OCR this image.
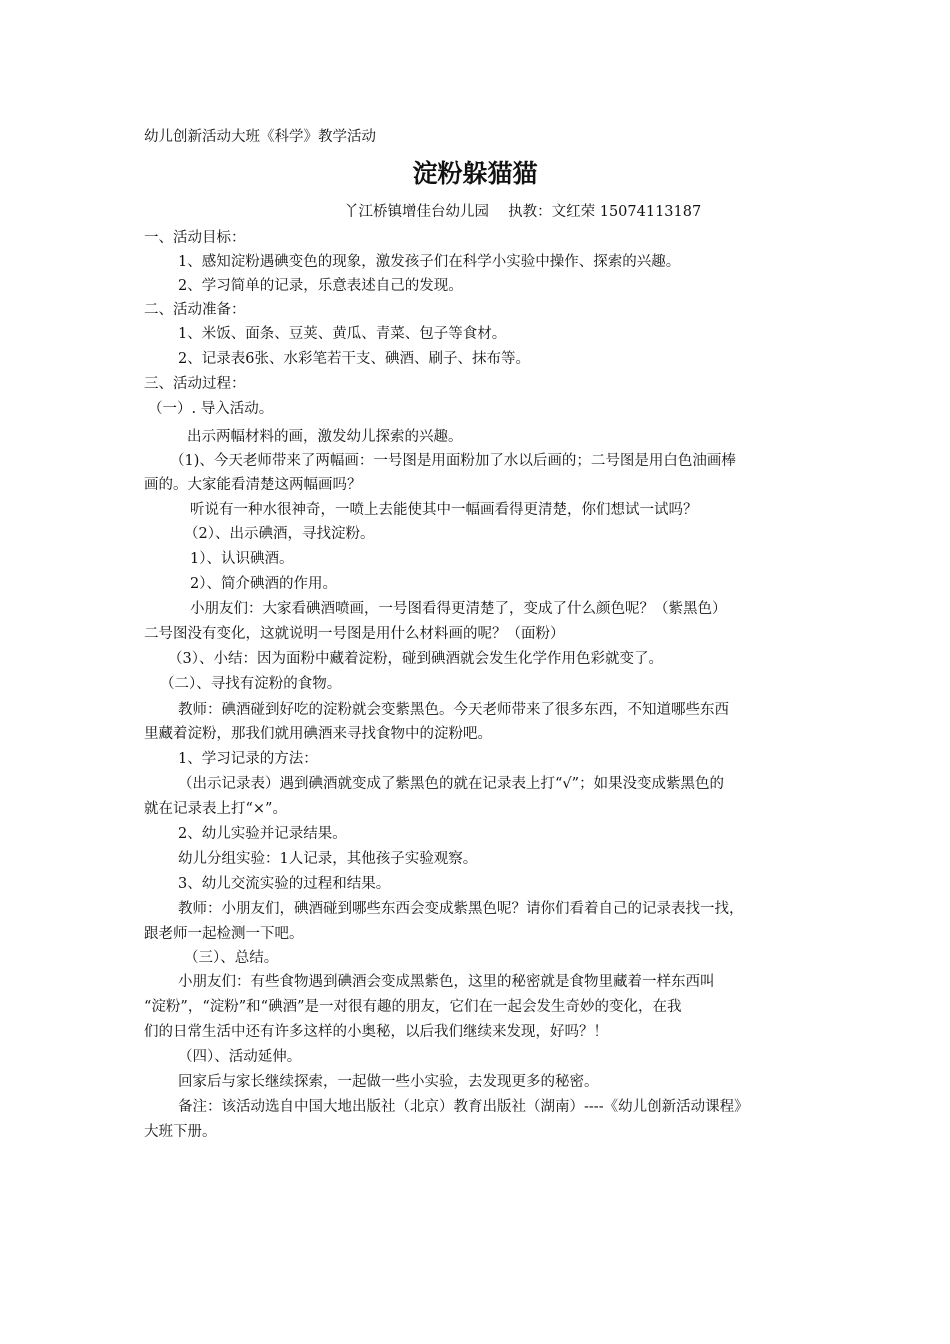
幼儿创新活动大班《科学》教学活动
淀粉躲猫猫
丫江桥镇增佳台幼儿园　 执教：文红荣 15074113187
一、活动目标：
1、感知淀粉遇碘变色的现象，激发孩子们在科学小实验中操作、探索的兴趣。
2、学习简单的记录，乐意表述自己的发现。
二、活动准备：
1、米饭、面条、豆荚、黄瓜、青菜、包子等食材。
2、记录表6张、水彩笔若干支、碘酒、刷子、抹布等。
三、活动过程：
（一）. 导入活动。
出示两幅材料的画，激发幼儿探索的兴趣。
（1)、今天老师带来了两幅画：一号图是用面粉加了水以后画的；二号图是用白色油画棒
画的。大家能看清楚这两幅画吗？
听说有一种水很神奇，一喷上去能使其中一幅画看得更清楚，你们想试一试吗？
（2）、出示碘酒，寻找淀粉。
1）、认识碘酒。
2）、简介碘酒的作用。
小朋友们：大家看碘酒喷画，一号图看得更清楚了，变成了什么颜色呢？（紫黑色）
二号图没有变化，这就说明一号图是用什么材料画的呢？（面粉）
（3）、小结：因为面粉中藏着淀粉，碰到碘酒就会发生化学作用色彩就变了。
（二）、寻找有淀粉的食物。
教师：碘酒碰到好吃的淀粉就会变紫黑色。今天老师带来了很多东西，不知道哪些东西
里藏着淀粉，那我们就用碘酒来寻找食物中的淀粉吧。
1、学习记录的方法：
（出示记录表）遇到碘酒就变成了紫黑色的就在记录表上打“√”；如果没变成紫黑色的
就在记录表上打“×”。
2、幼儿实验并记录结果。
幼儿分组实验：1人记录，其他孩子实验观察。
3、幼儿交流实验的过程和结果。
教师：小朋友们，碘酒碰到哪些东西会变成紫黑色呢？请你们看着自己的记录表找一找，
跟老师一起检测一下吧。
（三）、总结。
小朋友们：有些食物遇到碘酒会变成黑紫色，这里的秘密就是食物里藏着一样东西叫
“淀粉”，“淀粉”和“碘酒”是一对很有趣的朋友，它们在一起会发生奇妙的变化，在我
们的日常生活中还有许多这样的小奥秘，以后我们继续来发现，好吗？！
（四）、活动延伸。
回家后与家长继续探索，一起做一些小实验，去发现更多的秘密。
备注：该活动选自中国大地出版社（北京）教育出版社（湖南）----《幼儿创新活动课程》
大班下册。
